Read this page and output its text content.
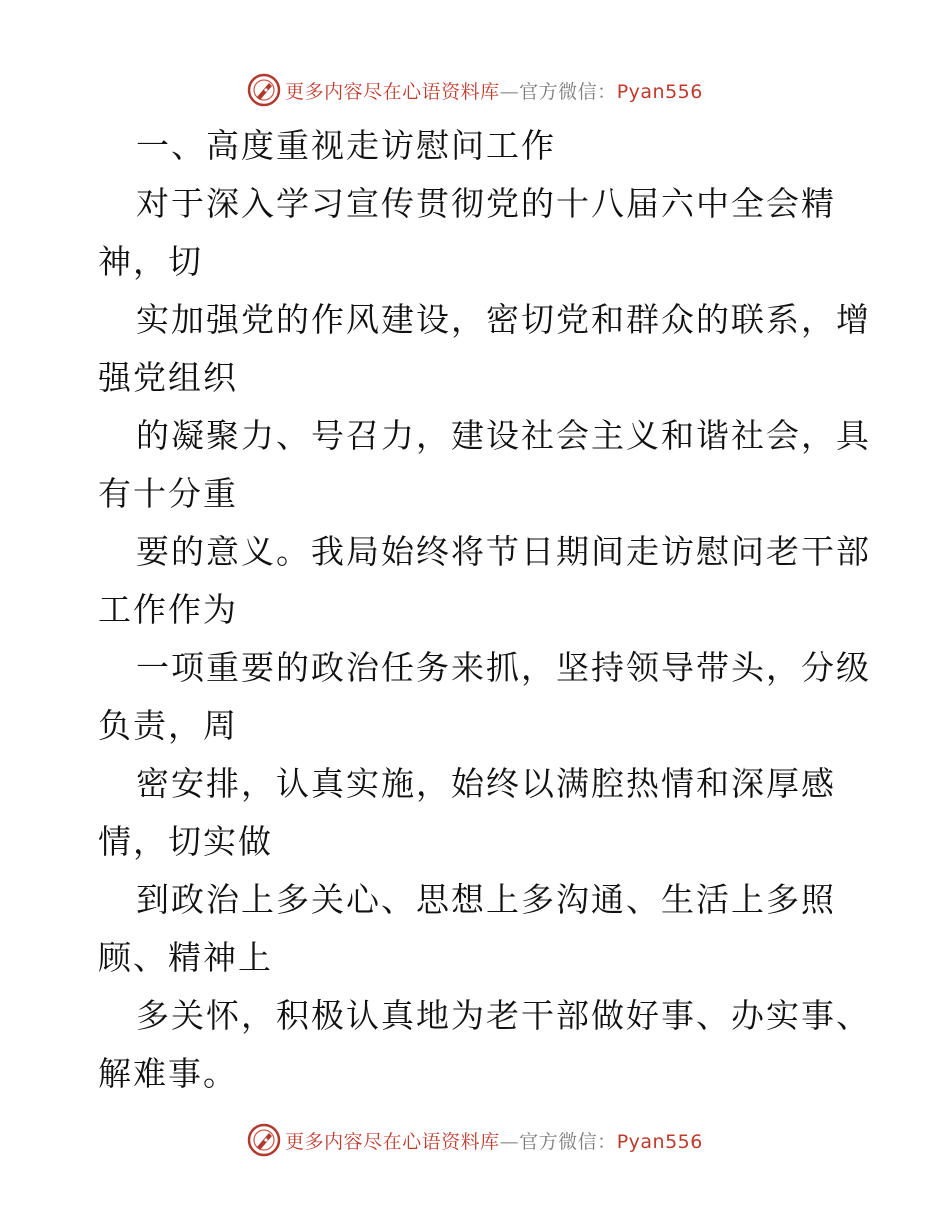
更多内容尽在心语资料库—官方微信：Pyan556
一、高度重视走访慰问工作
对于深入学习宣传贯彻党的十八届六中全会精
神，切
实加强党的作风建设，密切党和群众的联系，增
强党组织
的凝聚力、号召力，建设社会主义和谐社会，具
有十分重
要的意义。我局始终将节日期间走访慰问老干部
工作作为
一项重要的政治任务来抓，坚持领导带头，分级
负责，周
密安排，认真实施，始终以满腔热情和深厚感
情，切实做
到政治上多关心、思想上多沟通、生活上多照
顾、精神上
多关怀，积极认真地为老干部做好事、办实事、
解难事。
更多内容尽在心语资料库—官方微信：Pyan556
